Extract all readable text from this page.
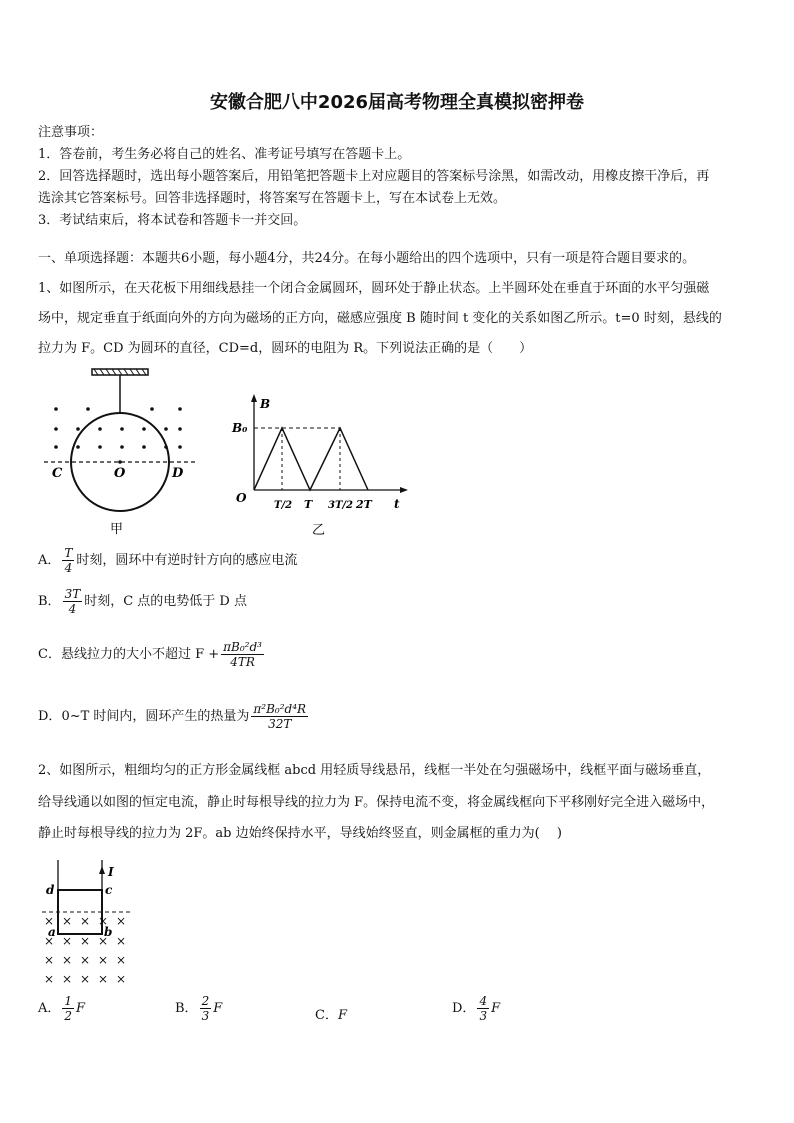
安徽合肥八中2026届高考物理全真模拟密押卷
注意事项：
1．答卷前，考生务必将自己的姓名、准考证号填写在答题卡上。
2．回答选择题时，选出每小题答案后，用铅笔把答题卡上对应题目的答案标号涂黑，如需改动，用橡皮擦干净后，再
选涂其它答案标号。回答非选择题时，将答案写在答题卡上，写在本试卷上无效。
3．考试结束后，将本试卷和答题卡一并交回。
一、单项选择题：本题共6小题，每小题4分，共24分。在每小题给出的四个选项中，只有一项是符合题目要求的。
1、如图所示，在天花板下用细线悬挂一个闭合金属圆环，圆环处于静止状态。上半圆环处在垂直于环面的水平匀强磁
场中，规定垂直于纸面向外的方向为磁场的正方向，磁感应强度 B 随时间 t 变化的关系如图乙所示。t=0 时刻，悬线的
拉力为 F。CD 为圆环的直径，CD=d，圆环的电阻为 R。下列说法正确的是（　　）
C	O	D
甲
B
B₀
O	t
T/2 T 3T/2 2T
乙
A． $\frac{T}{4}$ 时刻，圆环中有逆时针方向的感应电流
B． $\frac{3T}{4}$ 时刻，C 点的电势低于 D 点
C．悬线拉力的大小不超过 $F + \frac{\text{πB₀²d³}}{4TR}$
D．0~T 时间内，圆环产生的热量为 $\frac{\text{π²B₀²d⁴R}}{32T}$
2、如图所示，粗细均匀的正方形金属线框 abcd 用轻质导线悬吊，线框一半处在匀强磁场中，线框平面与磁场垂直，
给导线通以如图的恒定电流，静止时每根导线的拉力为 F。保持电流不变，将金属线框向下平移刚好完全进入磁场中，
静止时每根导线的拉力为 2F。ab 边始终保持水平，导线始终竖直，则金属框的重力为(　 )
I
d	c
a	b
× × × × ×
× × × × ×
× × × × ×
× × × × ×
A． $\frac{1}{2}$ F	B． $\frac{2}{3}$ F	C．F	D． $\frac{4}{3}$ F
